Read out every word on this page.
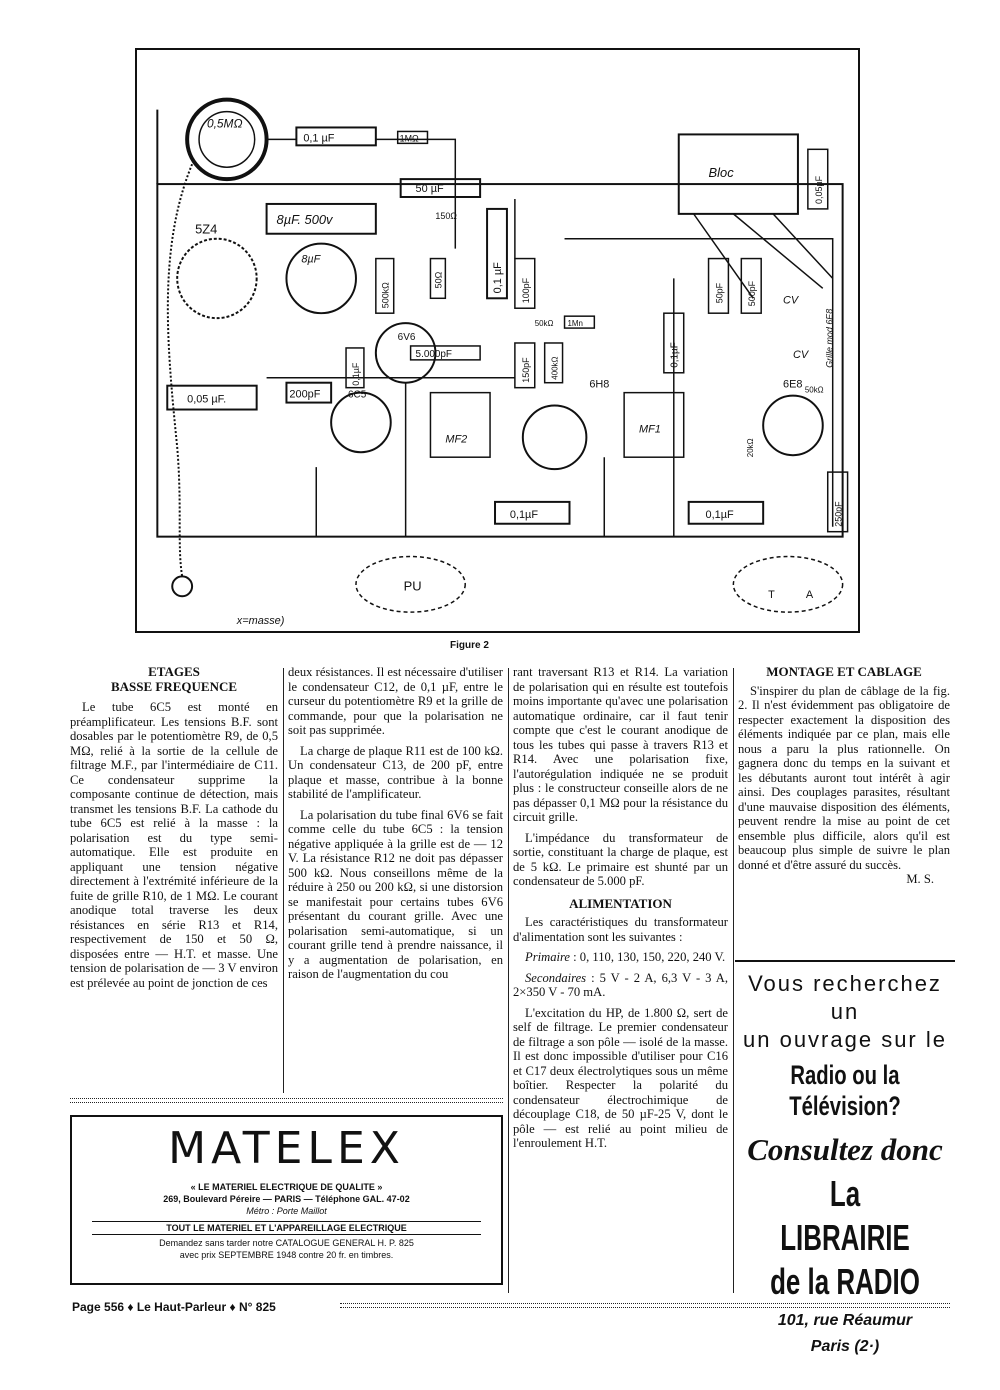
0,5MΩ
0,1 µF	1MΩ
50 µF
5Z4
8µF. 500v
8µF
150Ω
0,1 µF
0,05 µF.	200pF	6C5
6V6
5.000pF
500kΩ
50Ω
0,1µF
100pF
150pF 400kΩ
50kΩ 1Mn
6H8
MF2
MF1
0,1µF
Bloc
0,05µF
50pF	500pF CV
CV Grille mod 6E8
6E8 50kΩ
20kΩ
250pF
0,1µF	0,1µF
PU
T	A
x=masse)
Figure 2
ETAGES
BASSE FREQUENCE

Le tube 6C5 est monté en préamplificateur. Les tensions B.F. sont dosables par le potentiomètre R9, de 0,5 MΩ, relié à la sortie de la cellule de filtrage M.F., par l'intermédiaire de C11. Ce condensateur supprime la composante continue de détection, mais transmet les tensions B.F. La cathode du tube 6C5 est relié à la masse : la polarisation est du type semi-automatique. Elle est produite en appliquant une tension négative directement à l'extrémité inférieure de la fuite de grille R10, de 1 MΩ. Le courant anodique total traverse les deux résistances en série R13 et R14, respectivement de 150 et 50 Ω, disposées entre — H.T. et masse. Une tension de polarisation de — 3 V environ est prélevée au point de jonction de ces

deux résistances. Il est nécessaire d'utiliser le condensateur C12, de 0,1 µF, entre le curseur du potentiomètre R9 et la grille de commande, pour que la polarisation ne soit pas supprimée.

La charge de plaque R11 est de 100 kΩ. Un condensateur C13, de 200 pF, entre plaque et masse, contribue à la bonne stabilité de l'amplificateur.

La polarisation du tube final 6V6 se fait comme celle du tube 6C5 : la tension négative appliquée à la grille est de — 12 V. La résistance R12 ne doit pas dépasser 500 kΩ. Nous conseillons même de la réduire à 250 ou 200 kΩ, si une distorsion se manifestait pour certains tubes 6V6 présentant du courant grille. Avec une polarisation semi-automatique, si un courant grille tend à prendre naissance, il y a augmentation de polarisation, en raison de l'augmentation du cou

rant traversant R13 et R14. La variation de polarisation qui en résulte est toutefois moins importante qu'avec une polarisation automatique ordinaire, car il faut tenir compte que c'est le courant anodique de tous les tubes qui passe à travers R13 et R14. Avec une polarisation fixe, l'autorégulation indiquée ne se produit plus : le constructeur conseille alors de ne pas dépasser 0,1 MΩ pour la résistance du circuit grille.

L'impédance du transformateur de sortie, constituant la charge de plaque, est de 5 kΩ. Le primaire est shunté par un condensateur de 5.000 pF.

ALIMENTATION

Les caractéristiques du transformateur d'alimentation sont les suivantes :

Primaire : 0, 110, 130, 150, 220, 240 V.

Secondaires : 5 V - 2 A, 6,3 V - 3 A, 2×350 V - 70 mA.

L'excitation du HP, de 1.800 Ω, sert de self de filtrage. Le premier condensateur de filtrage a son pôle — isolé de la masse. Il est donc impossible d'utiliser pour C16 et C17 deux électrolytiques sous un même boîtier. Respecter la polarité du condensateur électrochimique de découplage C18, de 50 µF-25 V, dont le pôle — est relié au point milieu de l'enroulement H.T.

MONTAGE ET CABLAGE

S'inspirer du plan de câblage de la fig. 2. Il n'est évidemment pas obligatoire de respecter exactement la disposition des éléments indiquée par ce plan, mais elle nous a paru la plus rationnelle. On gagnera donc du temps en la suivant et les débutants auront tout intérêt à agir ainsi. Des couplages parasites, résultant d'une mauvaise disposition des éléments, peuvent rendre la mise au point de cet ensemble plus difficile, alors qu'il est beaucoup plus simple de suivre le plan donné et d'être assuré du succès.

M. S.
MATELEX
« LE MATERIEL ELECTRIQUE DE QUALITE »
269, Boulevard Péreire — PARIS — Téléphone GAL. 47-02
Métro : Porte Maillot
TOUT LE MATERIEL ET L'APPAREILLAGE ELECTRIQUE
Demandez sans tarder notre CATALOGUE GENERAL H. P. 825
avec prix SEPTEMBRE 1948 contre 20 fr. en timbres.
Vous recherchez un
un ouvrage sur le
Radio ou la Télévision?
Consultez donc
La LIBRAIRIE
de la RADIO
101, rue Réaumur
Paris (2·)
Page 556 ♦ Le Haut-Parleur ♦ N° 825
